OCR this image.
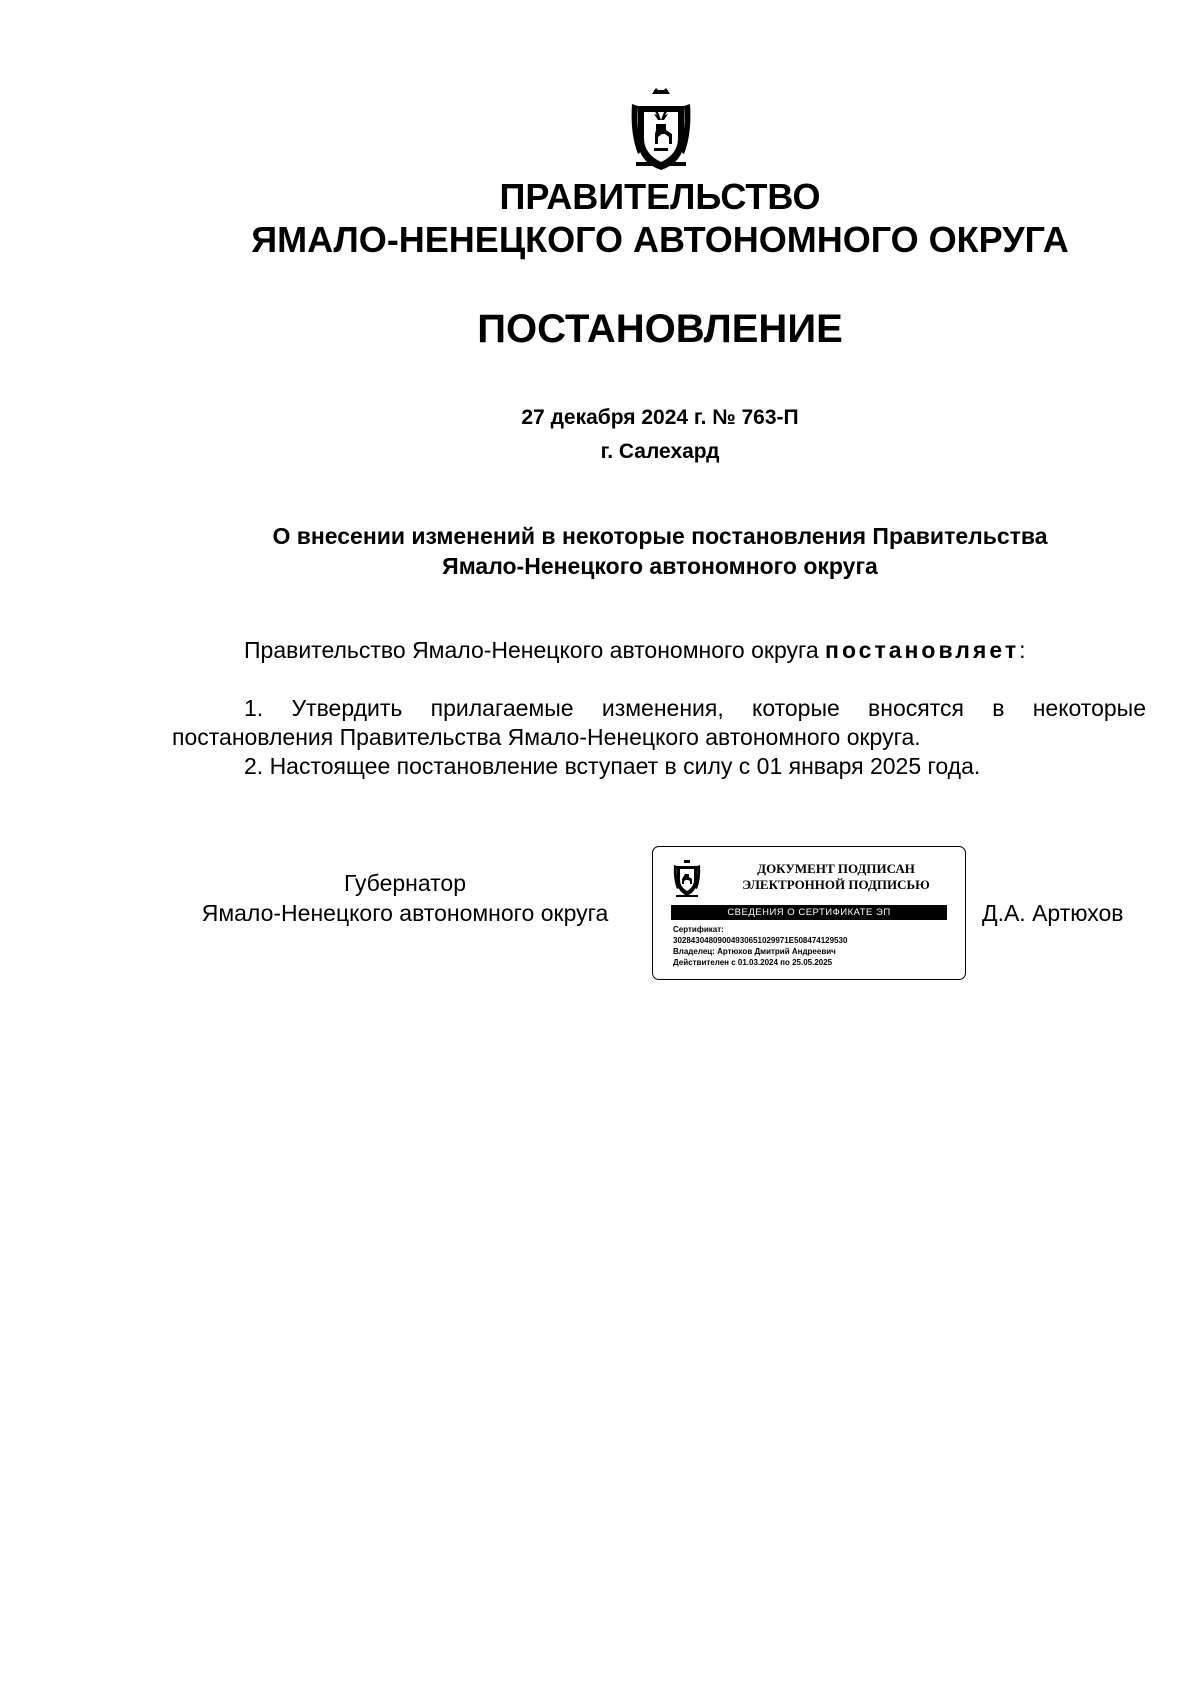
ПРАВИТЕЛЬСТВО
ЯМАЛО-НЕНЕЦКОГО АВТОНОМНОГО ОКРУГА
ПОСТАНОВЛЕНИЕ
27 декабря 2024 г. № 763-П
г. Салехард
О внесении изменений в некоторые постановления Правительства
Ямало-Ненецкого автономного округа
Правительство Ямало-Ненецкого автономного округа постановляет:
1. Утвердить прилагаемые изменения, которые вносятся в некоторые постановления Правительства Ямало-Ненецкого автономного округа.
2. Настоящее постановление вступает в силу с 01 января 2025 года.
Губернатор
Ямало-Ненецкого автономного округа
ДОКУМЕНТ ПОДПИСАН
ЭЛЕКТРОННОЙ ПОДПИСЬЮ
СВЕДЕНИЯ О СЕРТИФИКАТЕ ЭП
Сертификат:
30284304809004930651029971E508474129530
Владелец: Артюхов Дмитрий Андреевич
Действителен с 01.03.2024 по 25.05.2025
Д.А. Артюхов
